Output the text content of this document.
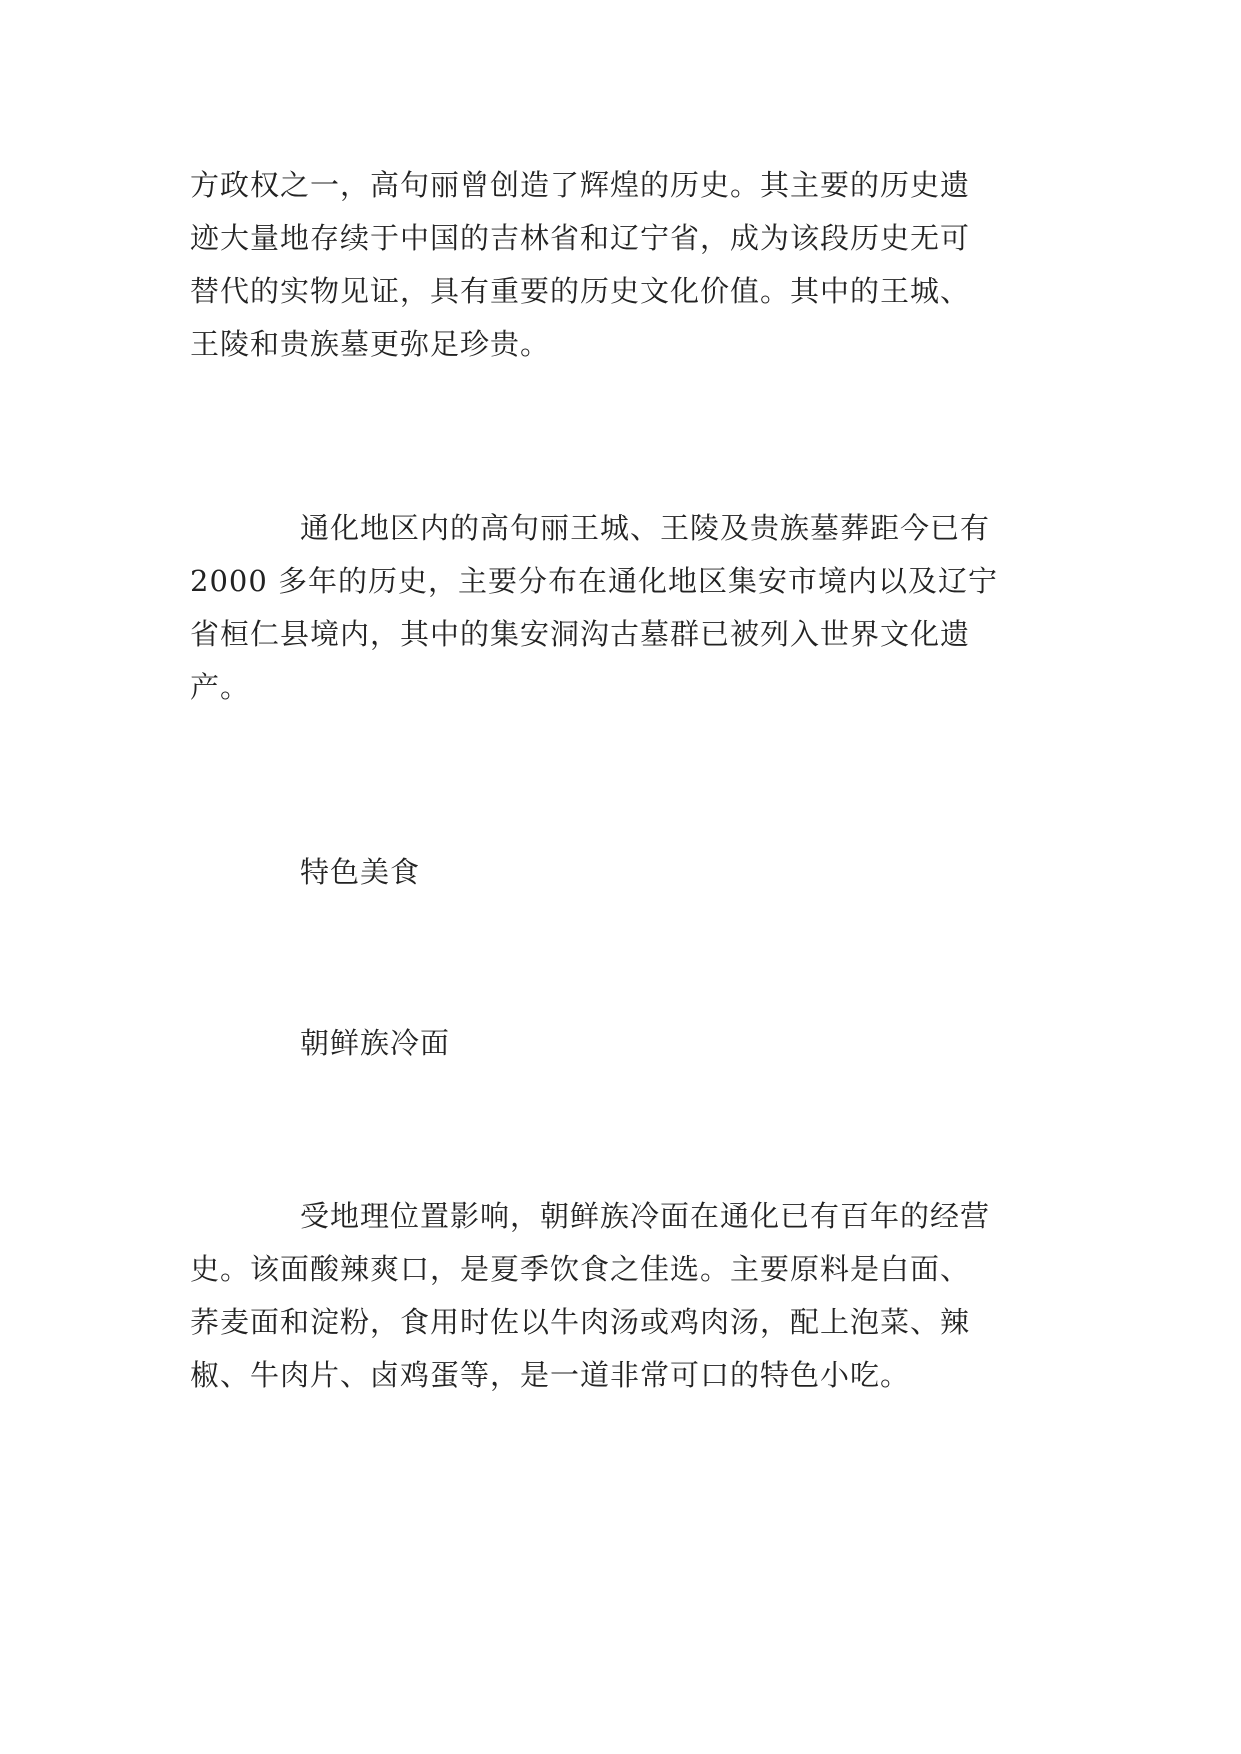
方政权之一，高句丽曾创造了辉煌的历史。其主要的历史遗
迹大量地存续于中国的吉林省和辽宁省，成为该段历史无可
替代的实物见证，具有重要的历史文化价值。其中的王城、
王陵和贵族墓更弥足珍贵。
通化地区内的高句丽王城、王陵及贵族墓葬距今已有
2000 多年的历史，主要分布在通化地区集安市境内以及辽宁
省桓仁县境内，其中的集安洞沟古墓群已被列入世界文化遗
产。
特色美食
朝鲜族冷面
受地理位置影响，朝鲜族冷面在通化已有百年的经营
史。该面酸辣爽口，是夏季饮食之佳选。主要原料是白面、
荞麦面和淀粉，食用时佐以牛肉汤或鸡肉汤，配上泡菜、辣
椒、牛肉片、卤鸡蛋等，是一道非常可口的特色小吃。
